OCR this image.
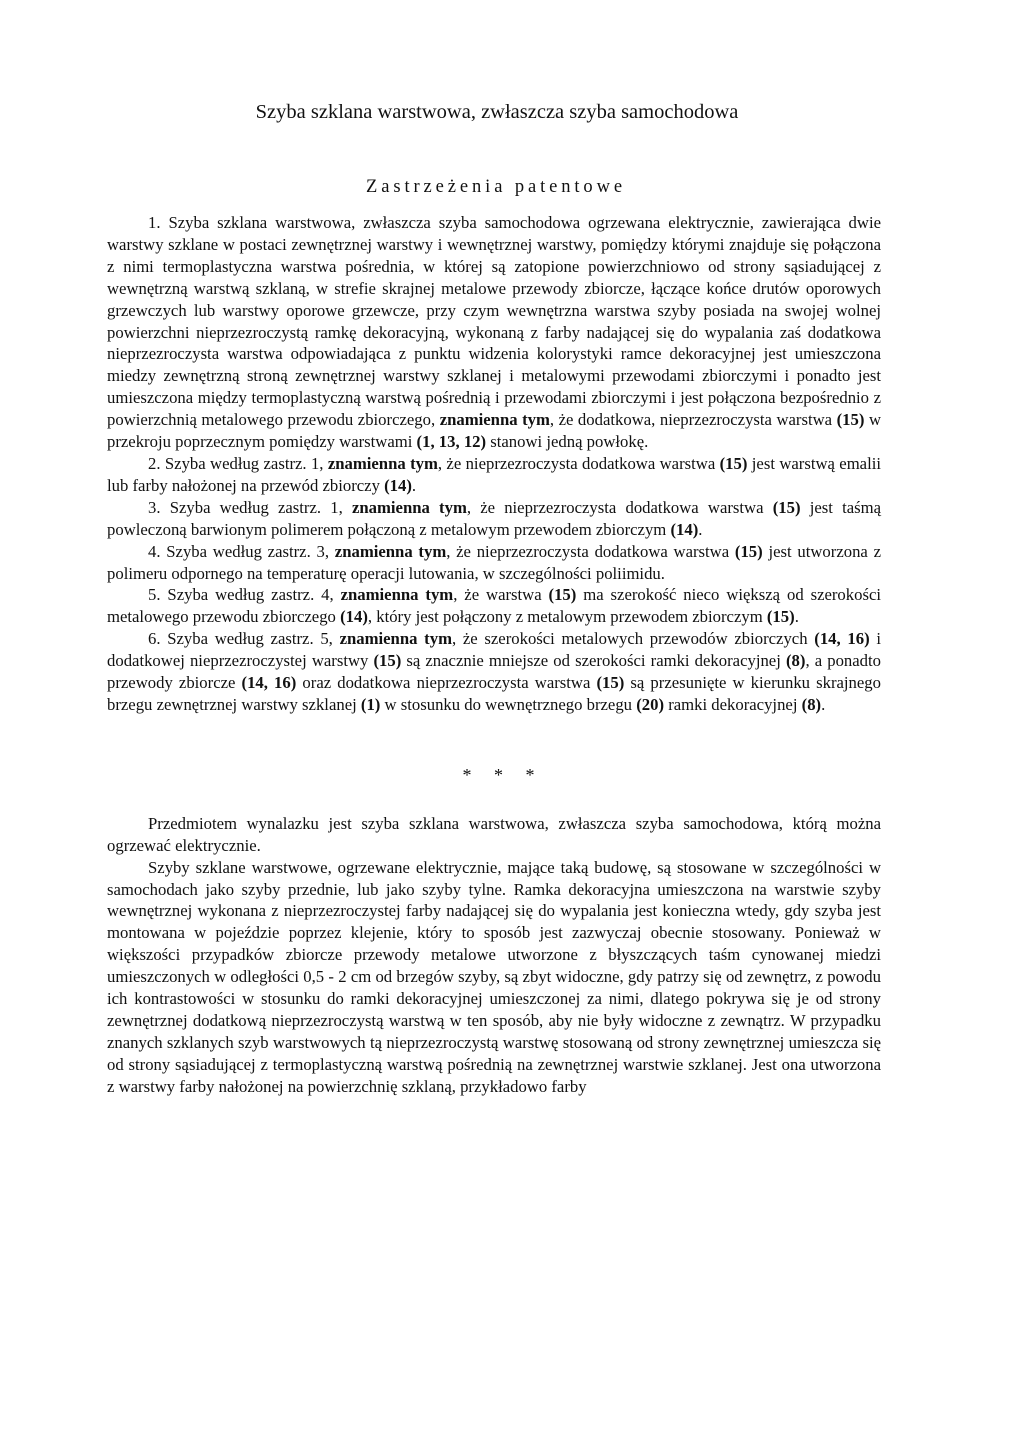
Szyba szklana warstwowa, zwłaszcza szyba samochodowa
Zastrzeżenia patentowe

1. Szyba szklana warstwowa, zwłaszcza szyba samochodowa ogrzewana elektrycznie, zawierająca dwie warstwy szklane w postaci zewnętrznej warstwy i wewnętrznej warstwy, pomiędzy którymi znajduje się połączona z nimi termoplastyczna warstwa pośrednia, w której są zatopione powierzchniowo od strony sąsiadującej z wewnętrzną warstwą szklaną, w strefie skrajnej metalowe przewody zbiorcze, łączące końce drutów oporowych grzewczych lub warstwy oporowe grzewcze, przy czym wewnętrzna warstwa szyby posiada na swojej wolnej powierzchni nieprzezroczystą ramkę dekoracyjną, wykonaną z farby nadającej się do wypalania zaś dodatkowa nieprzezroczysta warstwa odpowiadająca z punktu widzenia kolorystyki ramce dekoracyjnej jest umieszczona miedzy zewnętrzną stroną zewnętrznej warstwy szklanej i metalowymi przewodami zbiorczymi i ponadto jest umieszczona między termoplastyczną warstwą pośrednią i przewodami zbiorczymi i jest połączona bezpośrednio z powierzchnią metalowego przewodu zbiorczego, znamienna tym, że dodatkowa, nieprzezroczysta warstwa (15) w przekroju poprzecznym pomiędzy warstwami (1, 13, 12) stanowi jedną powłokę.

2. Szyba według zastrz. 1, znamienna tym, że nieprzezroczysta dodatkowa warstwa (15) jest warstwą emalii lub farby nałożonej na przewód zbiorczy (14).

3. Szyba według zastrz. 1, znamienna tym, że nieprzezroczysta dodatkowa warstwa (15) jest taśmą powleczoną barwionym polimerem połączoną z metalowym przewodem zbiorczym (14).

4. Szyba według zastrz. 3, znamienna tym, że nieprzezroczysta dodatkowa warstwa (15) jest utworzona z polimeru odpornego na temperaturę operacji lutowania, w szczególności poliimidu.

5. Szyba według zastrz. 4, znamienna tym, że warstwa (15) ma szerokość nieco większą od szerokości metalowego przewodu zbiorczego (14), który jest połączony z metalowym przewodem zbiorczym (15).

6. Szyba według zastrz. 5, znamienna tym, że szerokości metalowych przewodów zbiorczych (14, 16) i dodatkowej nieprzezroczystej warstwy (15) są znacznie mniejsze od szerokości ramki dekoracyjnej (8), a ponadto przewody zbiorcze (14, 16) oraz dodatkowa nieprzezroczysta warstwa (15) są przesunięte w kierunku skrajnego brzegu zewnętrznej warstwy szklanej (1) w stosunku do wewnętrznego brzegu (20) ramki dekoracyjnej (8).

* * *

Przedmiotem wynalazku jest szyba szklana warstwowa, zwłaszcza szyba samochodowa, którą można ogrzewać elektrycznie.

Szyby szklane warstwowe, ogrzewane elektrycznie, mające taką budowę, są stosowane w szczególności w samochodach jako szyby przednie, lub jako szyby tylne. Ramka dekoracyjna umieszczona na warstwie szyby wewnętrznej wykonana z nieprzezroczystej farby nadającej się do wypalania jest konieczna wtedy, gdy szyba jest montowana w pojeździe poprzez klejenie, który to sposób jest zazwyczaj obecnie stosowany. Ponieważ w większości przypadków zbiorcze przewody metalowe utworzone z błyszczących taśm cynowanej miedzi umieszczonych w odległości 0,5 - 2 cm od brzegów szyby, są zbyt widoczne, gdy patrzy się od zewnętrz, z powodu ich kontrastowości w stosunku do ramki dekoracyjnej umieszczonej za nimi, dlatego pokrywa się je od strony zewnętrznej dodatkową nieprzezroczystą warstwą w ten sposób, aby nie były widoczne z zewnątrz. W przypadku znanych szklanych szyb warstwowych tą nieprzezroczystą warstwę stosowaną od strony zewnętrznej umieszcza się od strony sąsiadującej z termoplastyczną warstwą pośrednią na zewnętrznej warstwie szklanej. Jest ona utworzona z warstwy farby nałożonej na powierzchnię szklaną, przykładowo farby
